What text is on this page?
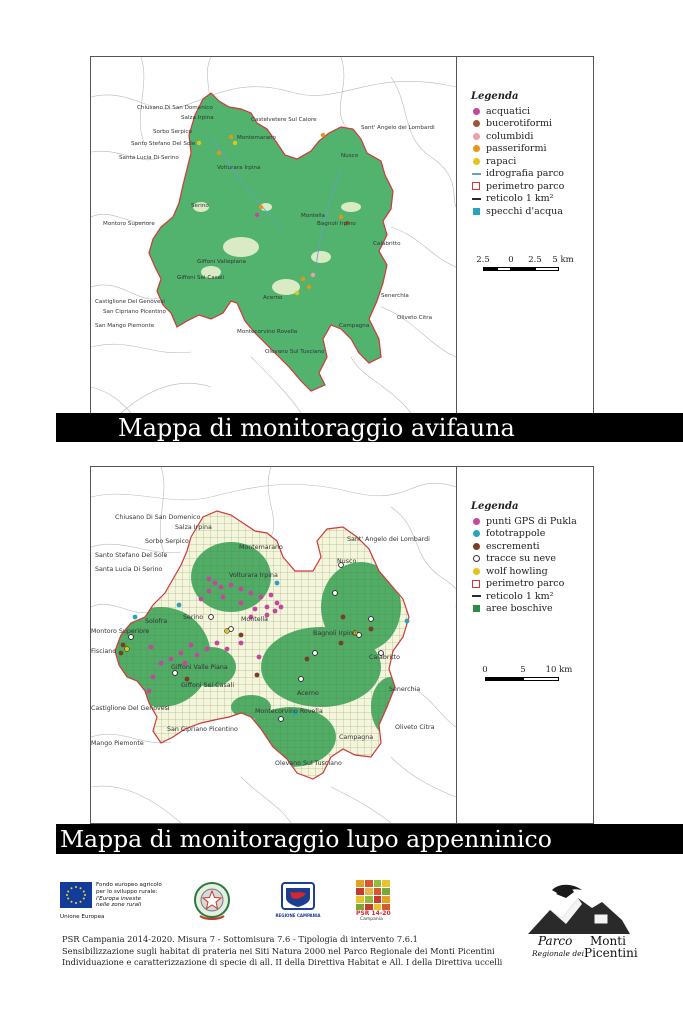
Chiusano Di San Domenico
Salza Irpina
Sorbo Serpico
Santo Stefano Del Sole
Santa Lucia Di Serino
Volturara Irpina
Montemarano
Castelvetere Sul Calore
Sant' Angelo dei Lombardi
Nusco
Montoro Superiore
Serino
Giffoni Vallepiana
Giffoni Sei Casali
Castiglione Del Genovesi
San Cipriano Picentino
San Mango Piemonte
Montecorvino Rovella
Acerno
Bagnoli Irpino
Calabritto
Senerchia
Campagna
Oliveto Citra
Olevano Sul Tusciano
Montella
Legenda
acquatici
bucerotiformi
columbidi
passeriformi
rapaci
idrografia parco
perimetro parco
reticolo 1 km²
specchi d'acqua
2.5 0 2.5 5 km
Mappa di monitoraggio avifauna
Chiusano Di San Domenico
Salza Irpina
Sorbo Serpico
Santo Stefano Del Sole
Santa Lucia Di Serino
Volturara Irpina
Montemarano
Sant' Angelo dei Lombardi
Nusco
Montoro Superiore
Serino
Solofra	Montella
Bagnoli Irpino
Fisciano
Giffoni Valle Piana
Giffoni Sei Casali
Castiglione Del Genovesi
Calabritto
Senerchia
Acerno
Montecorvino Rovella
San Cipriano Picentino
Mango Piemonte
Campagna
Oliveto Citra
Olevano Sul Tusciano
Legenda
punti GPS di Pukla
fototrappole
escrementi
tracce su neve
wolf howling
perimetro parco
reticolo 1 km²
aree boschive
0	5 10 km
Mappa di monitoraggio lupo appenninico
Fondo europeo agricolo
per lo sviluppo rurale:
l'Europa investe
nelle zone rurali
Unione Europea	REGIONE CAMPANIA	PSR 14-20
Campania
PSR Campania 2014-2020. Misura 7 - Sottomisura 7.6 - Tipologia di intervento 7.6.1
Sensibilizzazione sugli habitat di prateria nei Siti Natura 2000 nel Parco Regionale dei Monti Picentini
Individuazione e caratterizzazione di specie di all. II della Direttiva Habitat e All. I della Direttiva uccelli
Parco Monti
Regionale dei Picentini
